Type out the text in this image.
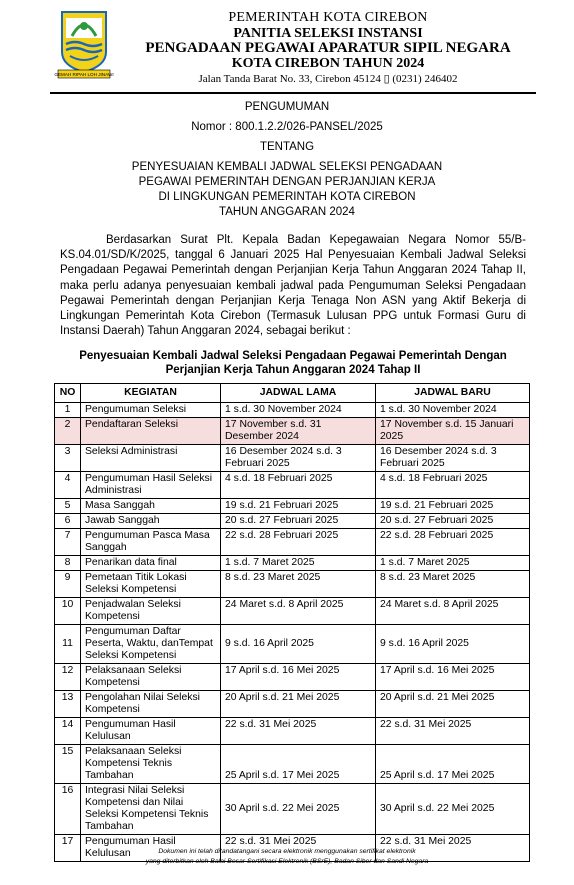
GEMAH RIPAH LOH JINAWI
PEMERINTAH KOTA CIREBON
PANITIA SELEKSI INSTANSI
PENGADAAN PEGAWAI APARATUR SIPIL NEGARA
KOTA CIREBON TAHUN 2024
Jalan Tanda Barat No. 33, Cirebon 45124 ▯ (0231) 246402
PENGUMUMAN
Nomor : 800.1.2.2/026-PANSEL/2025
TENTANG
PENYESUAIAN KEMBALI JADWAL SELEKSI PENGADAAN
PEGAWAI PEMERINTAH DENGAN PERJANJIAN KERJA
DI LINGKUNGAN PEMERINTAH KOTA CIREBON
TAHUN ANGGARAN 2024

Berdasarkan Surat Plt. Kepala Badan Kepegawaian Negara Nomor 55/B-KS.04.01/SD/K/2025, tanggal 6 Januari 2025 Hal Penyesuaian Kembali Jadwal Seleksi Pengadaan Pegawai Pemerintah dengan Perjanjian Kerja Tahun Anggaran 2024 Tahap II, maka perlu adanya penyesuaian kembali jadwal pada Pengumuman Seleksi Pengadaan Pegawai Pemerintah dengan Perjanjian Kerja Tenaga Non ASN yang Aktif Bekerja di Lingkungan Pemerintah Kota Cirebon (Termasuk Lulusan PPG untuk Formasi Guru di Instansi Daerah) Tahun Anggaran 2024, sebagai berikut :

Penyesuaian Kembali Jadwal Seleksi Pengadaan Pegawai Pemerintah Dengan
Perjanjian Kerja Tahun Anggaran 2024 Tahap II
NO	KEGIATAN	JADWAL LAMA	JADWAL BARU
1	Pengumuman Seleksi	1 s.d. 30 November 2024	1 s.d. 30 November 2024
2	Pendaftaran Seleksi	17 November s.d. 31 Desember 2024	17 November s.d. 15 Januari 2025
3	Seleksi Administrasi	16 Desember 2024 s.d. 3 Februari 2025	16 Desember 2024 s.d. 3 Februari 2025
4	Pengumuman Hasil Seleksi Administrasi	4 s.d. 18 Februari 2025	4 s.d. 18 Februari 2025
5	Masa Sanggah	19 s.d. 21 Februari 2025	19 s.d. 21 Februari 2025
6	Jawab Sanggah	20 s.d. 27 Februari 2025	20 s.d. 27 Februari 2025
7	Pengumuman Pasca Masa Sanggah	22 s.d. 28 Februari 2025	22 s.d. 28 Februari 2025
8	Penarikan data final	1 s.d. 7 Maret 2025	1 s.d. 7 Maret 2025
9	Pemetaan Titik Lokasi Seleksi Kompetensi	8 s.d. 23 Maret 2025	8 s.d. 23 Maret 2025
10	Penjadwalan Seleksi Kompetensi	24 Maret s.d. 8 April 2025	24 Maret s.d. 8 April 2025
11	Pengumuman Daftar Peserta, Waktu, danTempat Seleksi Kompetensi	9 s.d. 16 April 2025	9 s.d. 16 April 2025
12	Pelaksanaan Seleksi Kompetensi	17 April s.d. 16 Mei 2025	17 April s.d. 16 Mei 2025
13	Pengolahan Nilai Seleksi Kompetensi	20 April s.d. 21 Mei 2025	20 April s.d. 21 Mei 2025
14	Pengumuman Hasil Kelulusan	22 s.d. 31 Mei 2025	22 s.d. 31 Mei 2025
15	Pelaksanaan Seleksi Kompetensi Teknis Tambahan	25 April s.d. 17 Mei 2025	25 April s.d. 17 Mei 2025
16	Integrasi Nilai Seleksi Kompetensi dan Nilai Seleksi Kompetensi Teknis Tambahan	30 April s.d. 22 Mei 2025	30 April s.d. 22 Mei 2025
17	Pengumuman Hasil Kelulusan	22 s.d. 31 Mei 2025	22 s.d. 31 Mei 2025
Dokumen ini telah ditandatangani secara elektronik menggunakan sertifikat elektronik
yang diterbitkan oleh Balai Besar Sertifikasi Elektronik (BSrE), Badan Siber dan Sandi Negara
